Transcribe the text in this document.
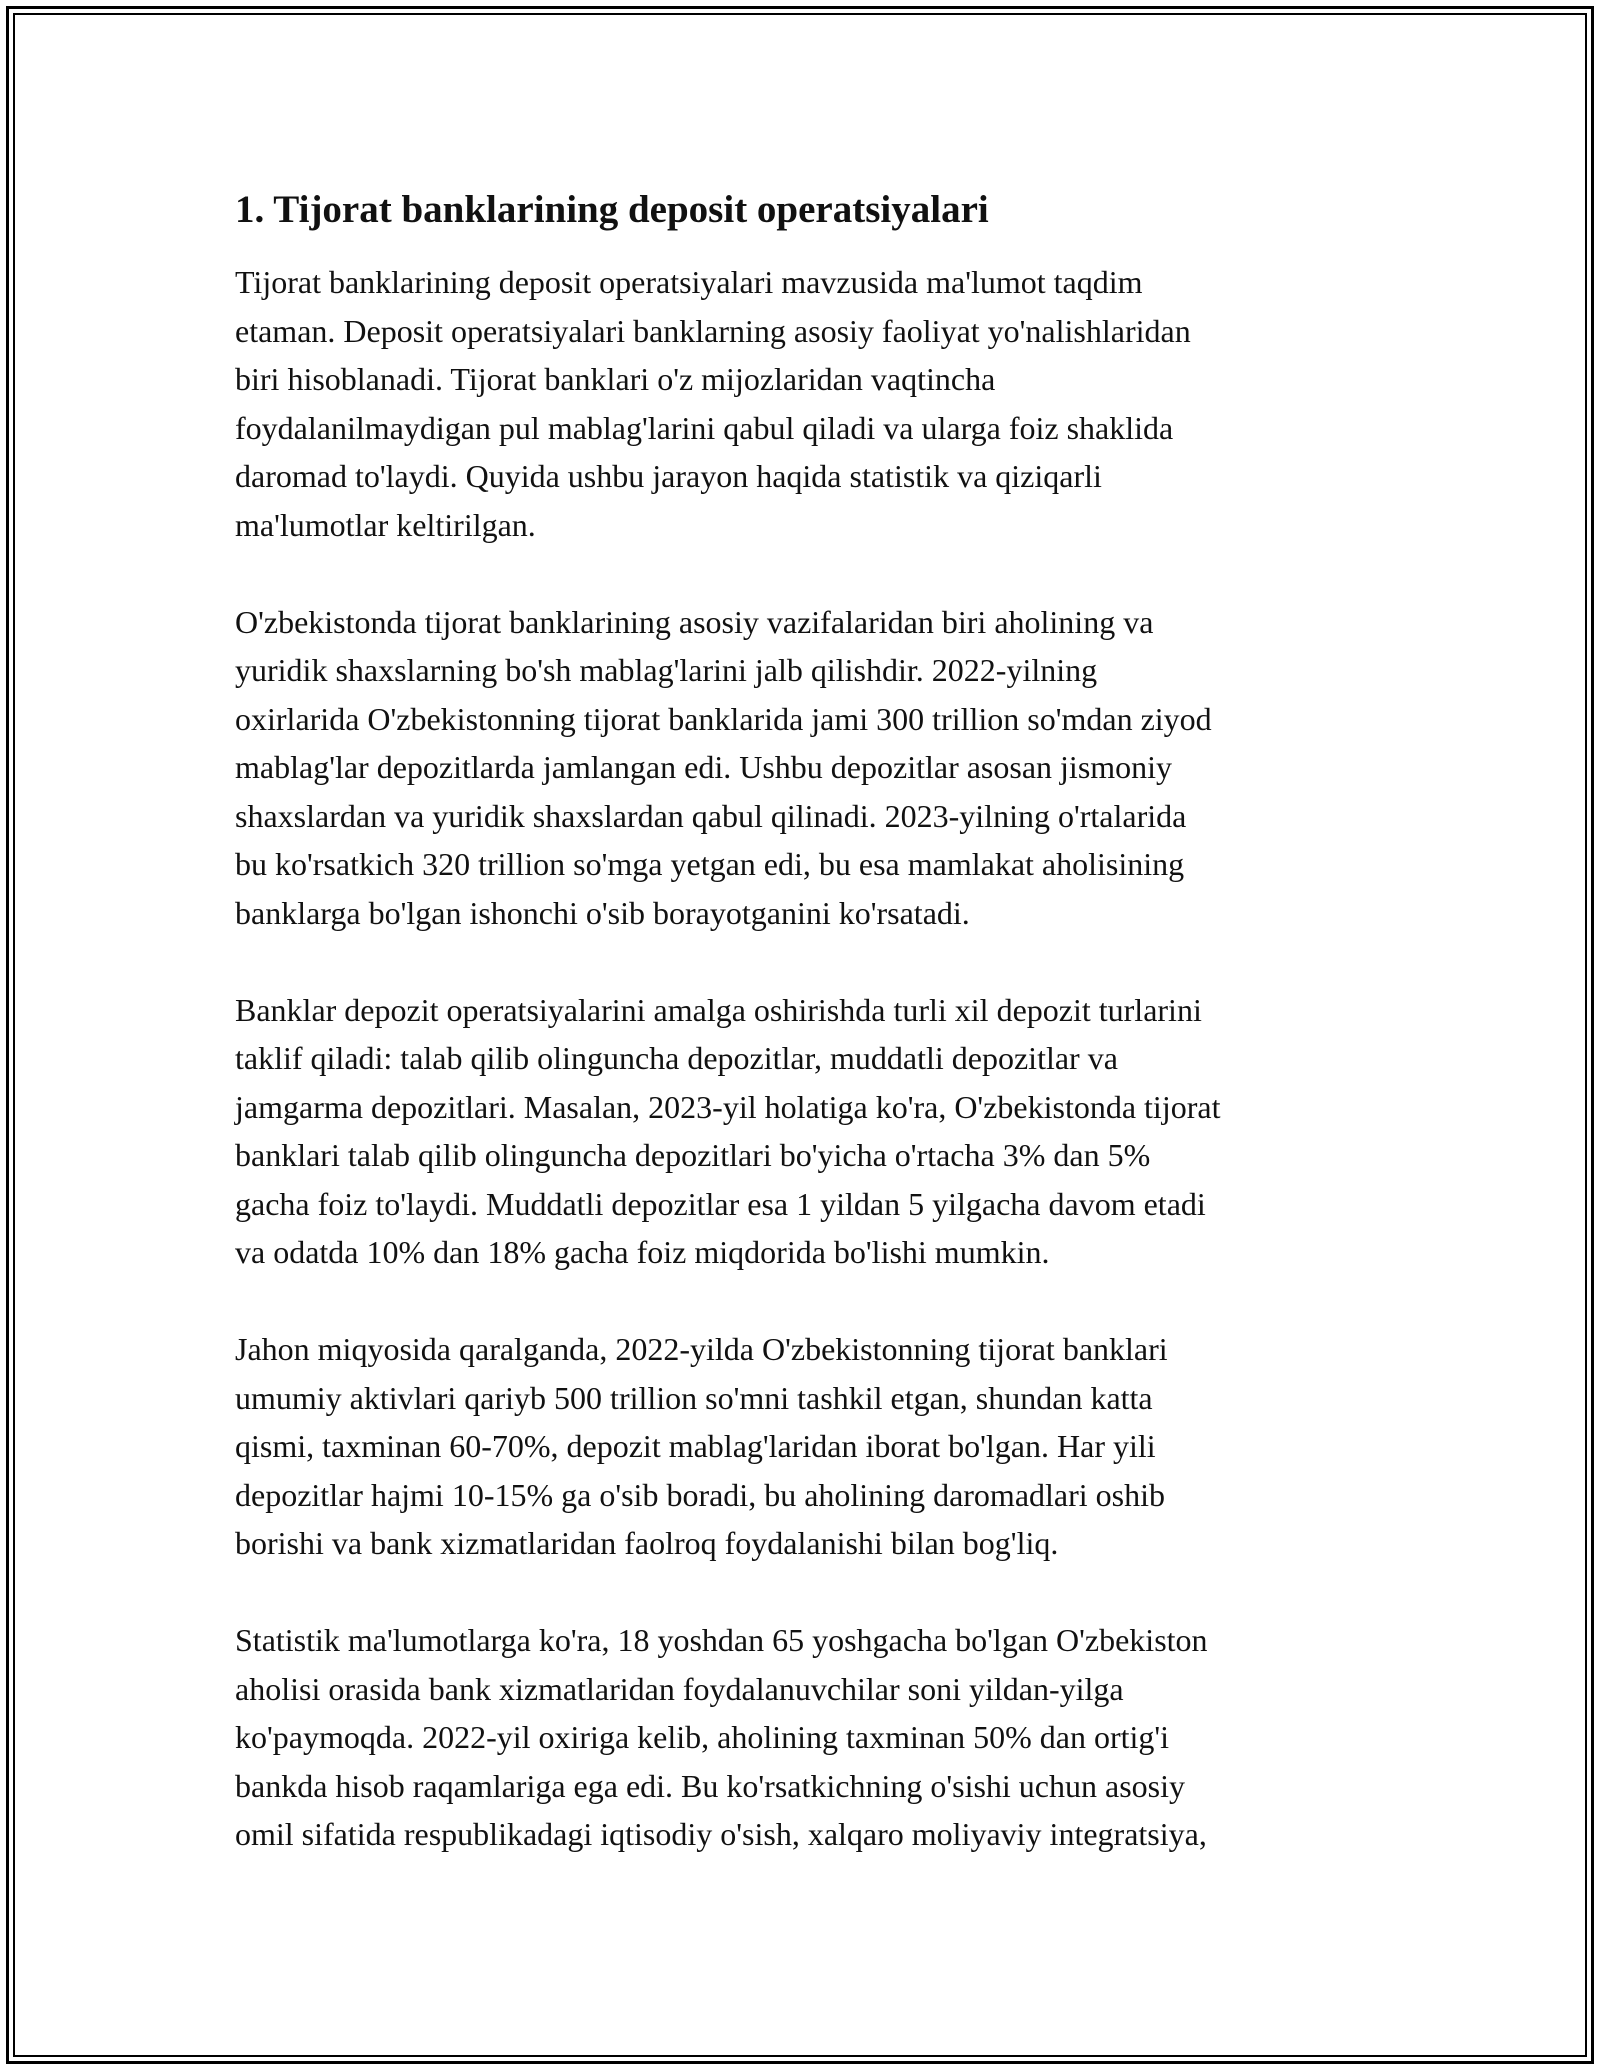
1. Tijorat banklarining deposit operatsiyalari

Tijorat banklarining deposit operatsiyalari mavzusida ma'lumot taqdim
etaman. Deposit operatsiyalari banklarning asosiy faoliyat yo'nalishlaridan
biri hisoblanadi. Tijorat banklari o'z mijozlaridan vaqtincha
foydalanilmaydigan pul mablag'larini qabul qiladi va ularga foiz shaklida
daromad to'laydi. Quyida ushbu jarayon haqida statistik va qiziqarli
ma'lumotlar keltirilgan.

O'zbekistonda tijorat banklarining asosiy vazifalaridan biri aholining va
yuridik shaxslarning bo'sh mablag'larini jalb qilishdir. 2022-yilning
oxirlarida O'zbekistonning tijorat banklarida jami 300 trillion so'mdan ziyod
mablag'lar depozitlarda jamlangan edi. Ushbu depozitlar asosan jismoniy
shaxslardan va yuridik shaxslardan qabul qilinadi. 2023-yilning o'rtalarida
bu ko'rsatkich 320 trillion so'mga yetgan edi, bu esa mamlakat aholisining
banklarga bo'lgan ishonchi o'sib borayotganini ko'rsatadi.

Banklar depozit operatsiyalarini amalga oshirishda turli xil depozit turlarini
taklif qiladi: talab qilib olinguncha depozitlar, muddatli depozitlar va
jamgarma depozitlari. Masalan, 2023-yil holatiga ko'ra, O'zbekistonda tijorat
banklari talab qilib olinguncha depozitlari bo'yicha o'rtacha 3% dan 5%
gacha foiz to'laydi. Muddatli depozitlar esa 1 yildan 5 yilgacha davom etadi
va odatda 10% dan 18% gacha foiz miqdorida bo'lishi mumkin.

Jahon miqyosida qaralganda, 2022-yilda O'zbekistonning tijorat banklari
umumiy aktivlari qariyb 500 trillion so'mni tashkil etgan, shundan katta
qismi, taxminan 60-70%, depozit mablag'laridan iborat bo'lgan. Har yili
depozitlar hajmi 10-15% ga o'sib boradi, bu aholining daromadlari oshib
borishi va bank xizmatlaridan faolroq foydalanishi bilan bog'liq.

Statistik ma'lumotlarga ko'ra, 18 yoshdan 65 yoshgacha bo'lgan O'zbekiston
aholisi orasida bank xizmatlaridan foydalanuvchilar soni yildan-yilga
ko'paymoqda. 2022-yil oxiriga kelib, aholining taxminan 50% dan ortig'i
bankda hisob raqamlariga ega edi. Bu ko'rsatkichning o'sishi uchun asosiy
omil sifatida respublikadagi iqtisodiy o'sish, xalqaro moliyaviy integratsiya,
